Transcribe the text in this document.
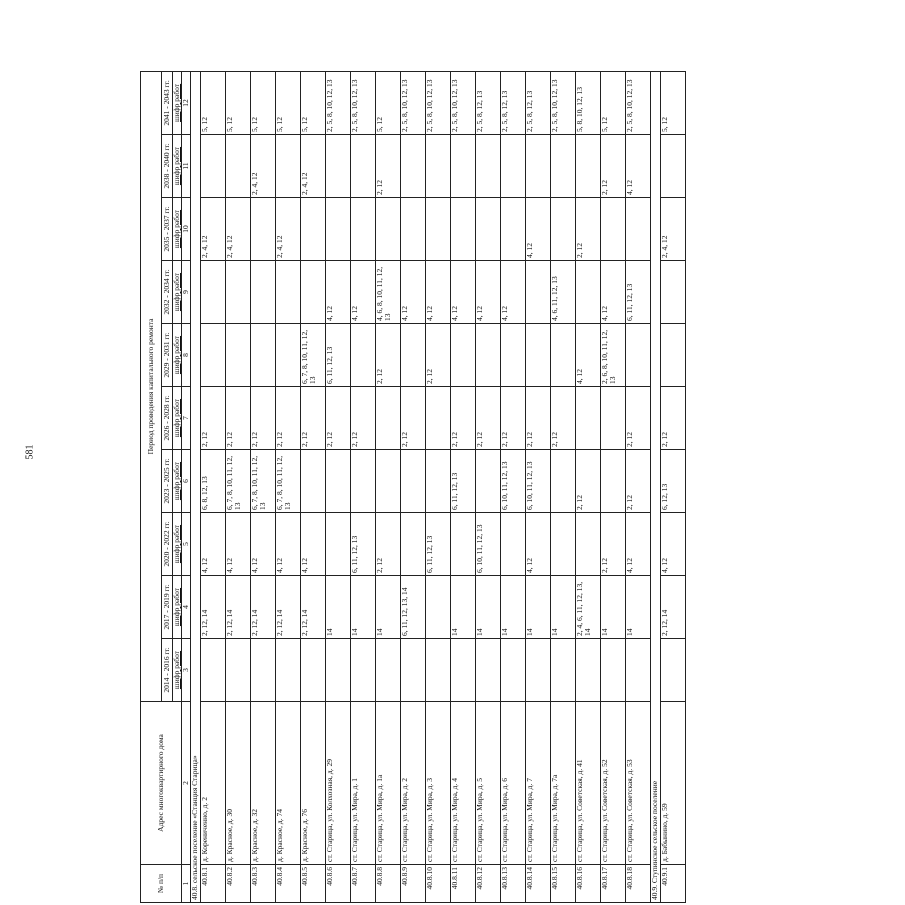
581
№ п/п	Адрес многоквартирного дома	Период проведения капитального ремонта									
		2014 - 2016 гг.	2017 - 2019 гг.	2020 - 2022 гг.	2023 - 2025 гг.	2026 - 2028 гг.	2029 - 2031 гг.	2032 - 2034 гг.	2035 - 2037 гг.	2038 - 2040 гг.	2041 - 2043 гг.
		шифр работ	шифр работ	шифр работ	шифр работ	шифр работ	шифр работ	шифр работ	шифр работ	шифр работ	шифр работ
1	2	3	4	5	6	7	8	9	10	11	12
40.8. сельское поселение «Станция Старица»											
40.8.1	д. Корениченно, д. 2		2, 12, 14	4, 12	6, 8, 12, 13	2, 12			2, 4, 12		5, 12
40.8.2	д. Красное, д. 30		2, 12, 14	4, 12	6, 7, 8, 10, 11, 12, 13	2, 12			2, 4, 12		5, 12
40.8.3	д. Красное, д. 32		2, 12, 14	4, 12	6, 7, 8, 10, 11, 12, 13	2, 12				2, 4, 12	5, 12
40.8.4	д. Красное, д. 74		2, 12, 14	4, 12	6, 7, 8, 10, 11, 12, 13	2, 12			2, 4, 12		5, 12
40.8.5	д. Красное, д. 76		2, 12, 14	4, 12		2, 12	6, 7, 8, 10, 11, 12, 13			2, 4, 12	5, 12
40.8.6	ст. Старица, ул. Колхозная, д. 29		14			2, 12	6, 11, 12, 13	4, 12			2, 5, 8, 10, 12, 13
40.8.7	ст. Старица, ул. Мира, д. 1		14	6, 11, 12, 13		2, 12		4, 12			2, 5, 8, 10, 12, 13
40.8.8	ст. Старица, ул. Мира, д. 1а		14	2, 12			2, 12	4, 6, 8, 10, 11, 12, 13		2, 12	5, 12
40.8.9	ст. Старица, ул. Мира, д. 2		6, 11, 12, 13, 14			2, 12		4, 12			2, 5, 8, 10, 12, 13
40.8.10	ст. Старица, ул. Мира, д. 3			6, 11, 12, 13			2, 12	4, 12			2, 5, 8, 10, 12, 13
40.8.11	ст. Старица, ул. Мира, д. 4		14		6, 11, 12, 13	2, 12		4, 12			2, 5, 8, 10, 12, 13
40.8.12	ст. Старица, ул. Мира, д. 5		14	6, 10, 11, 12, 13		2, 12		4, 12			2, 5, 8, 12, 13
40.8.13	ст. Старица, ул. Мира, д. 6		14		6, 10, 11, 12, 13	2, 12		4, 12			2, 5, 8, 12, 13
40.8.14	ст. Старица, ул. Мира, д. 7		14	4, 12	6, 10, 11, 12, 13	2, 12			4, 12		2, 5, 8, 12, 13
40.8.15	ст. Старица, ул. Мира, д. 7а		14			2, 12		4, 6, 11, 12, 13			2, 5, 8, 10, 12, 13
40.8.16	ст. Старица, ул. Советская, д. 41		2, 4, 6, 11, 12, 13, 14		2, 12		4, 12		2, 12		5, 8, 10, 12, 13
40.8.17	ст. Старица, ул. Советская, д. 52		14	2, 12			2, 6, 8, 10, 11, 12, 13	4, 12		2, 12	5, 12
40.8.18	ст. Старица, ул. Советская, д. 53		14	4, 12	2, 12	2, 12		6, 11, 12, 13		4, 12	2, 5, 8, 10, 12, 13
40.9. Ступинское сельское поселение											
40.9.1	д. Бабынино, д. 59		2, 12, 14	4, 12	6, 12, 13	2, 12			2, 4, 12		5, 12
